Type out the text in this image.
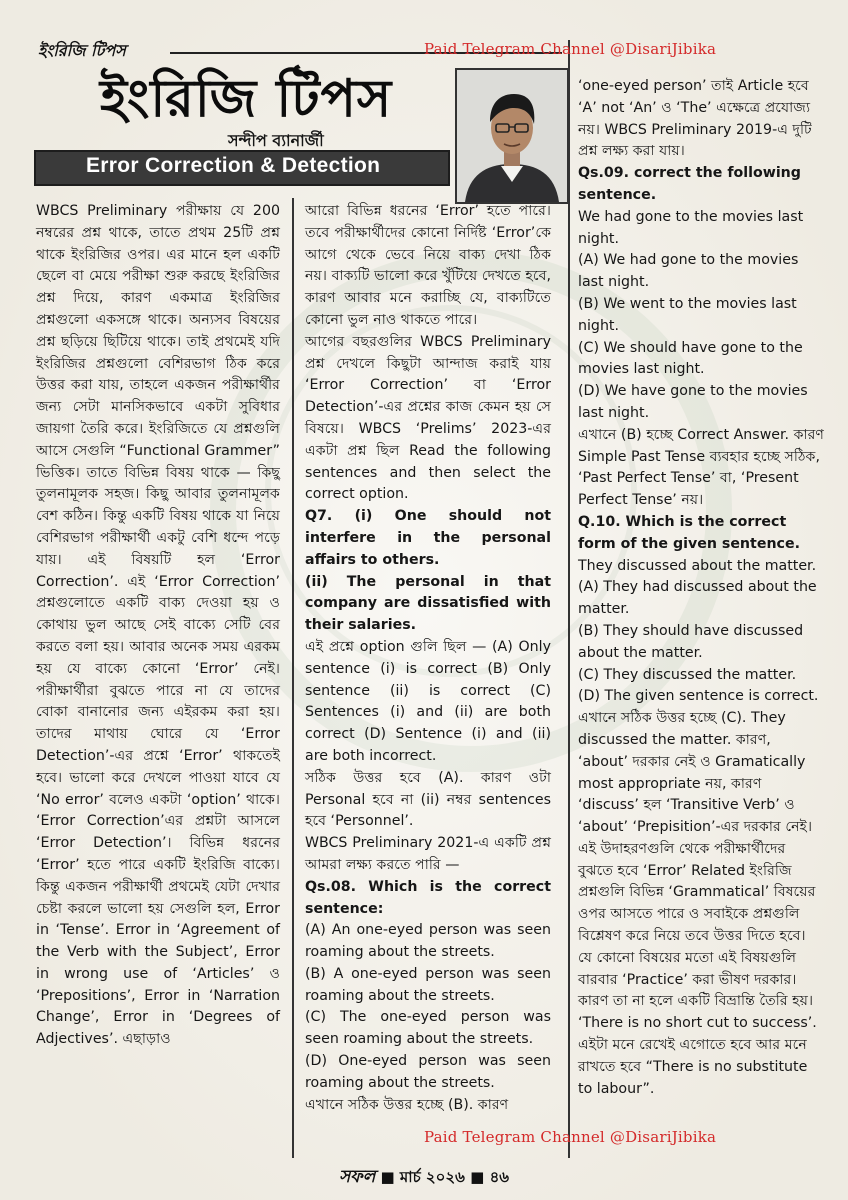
ইংরিজি টিপস	Paid Telegram Channel @DisariJibika
ইংরিজি টিপস
সন্দীপ ব্যানার্জী
Error Correction & Detection

WBCS Preliminary পরীক্ষায় যে 200 নম্বরের প্রশ্ন থাকে, তাতে প্রথম 25টি প্রশ্ন থাকে ইংরিজির ওপর। এর মানে হল একটি ছেলে বা মেয়ে পরীক্ষা শুরু করছে ইংরিজির প্রশ্ন দিয়ে, কারণ একমাত্র ইংরিজির প্রশ্নগুলো একসঙ্গে থাকে। অন্যসব বিষয়ের প্রশ্ন ছড়িয়ে ছিটিয়ে থাকে। তাই প্রথমেই যদি ইংরিজির প্রশ্নগুলো বেশিরভাগ ঠিক করে উত্তর করা যায়, তাহলে একজন পরীক্ষার্থীর জন্য সেটা মানসিকভাবে একটা সুবিধার জায়গা তৈরি করে। ইংরিজিতে যে প্রশ্নগুলি আসে সেগুলি “Functional Grammer” ভিত্তিক। তাতে বিভিন্ন বিষয় থাকে — কিছু তুলনামূলক সহজ। কিছু আবার তুলনামূলক বেশ কঠিন। কিন্তু একটি বিষয় থাকে যা নিয়ে বেশিরভাগ পরীক্ষার্থী একটু বেশি ধন্দে পড়ে যায়। এই বিষয়টি হল ‘Error Correction’. এই ‘Error Correction’ প্রশ্নগুলোতে একটি বাক্য দেওয়া হয় ও কোথায় ভুল আছে সেই বাক্যে সেটি বের করতে বলা হয়। আবার অনেক সময় এরকম হয় যে বাক্যে কোনো ‘Error’ নেই। পরীক্ষার্থীরা বুঝতে পারে না যে তাদের বোকা বানানোর জন্য এইরকম করা হয়। তাদের মাথায় ঘোরে যে ‘Error Detection’-এর প্রশ্নে ‘Error’ থাকতেই হবে। ভালো করে দেখলে পাওয়া যাবে যে ‘No error’ বলেও একটা ‘option’ থাকে। ‘Error Correction’এর প্রশ্নটা আসলে ‘Error Detection’। বিভিন্ন ধরনের ‘Error’ হতে পারে একটি ইংরিজি বাক্যে। কিন্তু একজন পরীক্ষার্থী প্রথমেই যেটা দেখার চেষ্টা করলে ভালো হয় সেগুলি হল, Error in ‘Tense’. Error in ‘Agreement of the Verb with the Subject’, Error in wrong use of ‘Articles’ ও ‘Prepositions’, Error in ‘Narration Change’, Error in ‘Degrees of Adjectives’. এছাড়াও

আরো বিভিন্ন ধরনের ‘Error’ হতে পারে। তবে পরীক্ষার্থীদের কোনো নির্দিষ্ট ‘Error’কে আগে থেকে ভেবে নিয়ে বাক্য দেখা ঠিক নয়। বাক্যটি ভালো করে খুঁটিয়ে দেখতে হবে, কারণ আবার মনে করাচ্ছি যে, বাক্যটিতে কোনো ভুল নাও থাকতে পারে।

আগের বছরগুলির WBCS Preliminary প্রশ্ন দেখলে কিছুটা আন্দাজ করাই যায় ‘Error Correction’ বা ‘Error Detection’-এর প্রশ্নের কাজ কেমন হয় সে বিষয়ে। WBCS ‘Prelims’ 2023-এর একটা প্রশ্ন ছিল Read the following sentences and then select the correct option.

Q7. (i) One should not interfere in the personal affairs to others.

(ii) The personal in that company are dissatisfied with their salaries.

এই প্রশ্নে option গুলি ছিল — (A) Only sentence (i) is correct (B) Only sentence (ii) is correct (C) Sentences (i) and (ii) are both correct (D) Sentence (i) and (ii) are both incorrect.

সঠিক উত্তর হবে (A). কারণ ওটা Personal হবে না (ii) নম্বর sentences হবে ‘Personnel’.

WBCS Preliminary 2021-এ একটি প্রশ্ন আমরা লক্ষ্য করতে পারি —

Qs.08. Which is the correct sentence:

(A) An one-eyed person was seen roaming about the streets.

(B) A one-eyed person was seen roaming about the streets.

(C) The one-eyed person was seen roaming about the streets.

(D) One-eyed person was seen roaming about the streets.

এখানে সঠিক উত্তর হচ্ছে (B). কারণ

‘one-eyed person’ তাই Article হবে ‘A’ not ‘An’ ও ‘The’ এক্ষেত্রে প্রযোজ্য নয়। WBCS Preliminary 2019-এ দুটি প্রশ্ন লক্ষ্য করা যায়।

Qs.09. correct the following sentence.

We had gone to the movies last night.

(A) We had gone to the movies last night.

(B) We went to the movies last night.

(C) We should have gone to the movies last night.

(D) We have gone to the movies last night.

এখানে (B) হচ্ছে Correct Answer. কারণ Simple Past Tense ব্যবহার হচ্ছে সঠিক, ‘Past Perfect Tense’ বা, ‘Present Perfect Tense’ নয়।

Q.10. Which is the correct form of the given sentence.

They discussed about the matter.

(A) They had discussed about the matter.

(B) They should have discussed about the matter.

(C) They discussed the matter.

(D) The given sentence is correct.

এখানে সঠিক উত্তর হচ্ছে (C). They discussed the matter. কারণ, ‘about’ দরকার নেই ও Gramatically most appropriate নয়, কারণ ‘discuss’ হল ‘Transitive Verb’ ও ‘about’ ‘Prepisition’-এর দরকার নেই।

এই উদাহরণগুলি থেকে পরীক্ষার্থীদের বুঝতে হবে ‘Error’ Related ইংরিজি প্রশ্নগুলি বিভিন্ন ‘Grammatical’ বিষয়ের ওপর আসতে পারে ও সবাইকে প্রশ্নগুলি বিশ্লেষণ করে নিয়ে তবে উত্তর দিতে হবে। যে কোনো বিষয়ের মতো এই বিষয়গুলি বারবার ‘Practice’ করা ভীষণ দরকার। কারণ তা না হলে একটি বিভ্রান্তি তৈরি হয়। ‘There is no short cut to success’. এইটা মনে রেখেই এগোতে হবে আর মনে রাখতে হবে “There is no substitute to labour”.

Paid Telegram Channel @DisariJibika
সফল ■ মার্চ ২০২৬ ■ ৪৬
